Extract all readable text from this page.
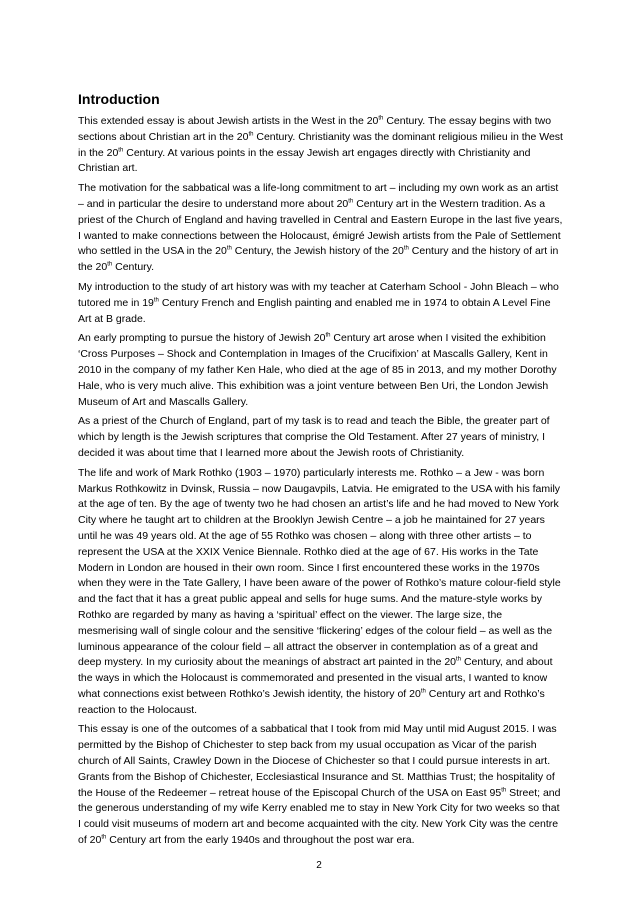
Introduction

This extended essay is about Jewish artists in the West in the 20th Century. The essay begins with two sections about Christian art in the 20th Century. Christianity was the dominant religious milieu in the West in the 20th Century. At various points in the essay Jewish art engages directly with Christianity and Christian art.

The motivation for the sabbatical was a life-long commitment to art – including my own work as an artist – and in particular the desire to understand more about 20th Century art in the Western tradition. As a priest of the Church of England and having travelled in Central and Eastern Europe in the last five years, I wanted to make connections between the Holocaust, émigré Jewish artists from the Pale of Settlement who settled in the USA in the 20th Century, the Jewish history of the 20th Century and the history of art in the 20th Century.

My introduction to the study of art history was with my teacher at Caterham School - John Bleach – who tutored me in 19th Century French and English painting and enabled me in 1974 to obtain A Level Fine Art at B grade.

An early prompting to pursue the history of Jewish 20th Century art arose when I visited the exhibition ‘Cross Purposes – Shock and Contemplation in Images of the Crucifixion’ at Mascalls Gallery, Kent in 2010 in the company of my father Ken Hale, who died at the age of 85 in 2013, and my mother Dorothy Hale, who is very much alive. This exhibition was a joint venture between Ben Uri, the London Jewish Museum of Art and Mascalls Gallery.

As a priest of the Church of England, part of my task is to read and teach the Bible, the greater part of which by length is the Jewish scriptures that comprise the Old Testament. After 27 years of ministry, I decided it was about time that I learned more about the Jewish roots of Christianity.

The life and work of Mark Rothko (1903 – 1970) particularly interests me. Rothko – a Jew - was born Markus Rothkowitz in Dvinsk, Russia – now Daugavpils, Latvia. He emigrated to the USA with his family at the age of ten. By the age of twenty two he had chosen an artist’s life and he had moved to New York City where he taught art to children at the Brooklyn Jewish Centre – a job he maintained for 27 years until he was 49 years old. At the age of 55 Rothko was chosen – along with three other artists – to represent the USA at the XXIX Venice Biennale. Rothko died at the age of 67. His works in the Tate Modern in London are housed in their own room. Since I first encountered these works in the 1970s when they were in the Tate Gallery, I have been aware of the power of Rothko’s mature colour-field style and the fact that it has a great public appeal and sells for huge sums. And the mature-style works by Rothko are regarded by many as having a ‘spiritual’ effect on the viewer. The large size, the mesmerising wall of single colour and the sensitive ‘flickering’ edges of the colour field – as well as the luminous appearance of the colour field – all attract the observer in contemplation as of a great and deep mystery. In my curiosity about the meanings of abstract art painted in the 20th Century, and about the ways in which the Holocaust is commemorated and presented in the visual arts, I wanted to know what connections exist between Rothko’s Jewish identity, the history of 20th Century art and Rothko’s reaction to the Holocaust.

This essay is one of the outcomes of a sabbatical that I took from mid May until mid August 2015. I was permitted by the Bishop of Chichester to step back from my usual occupation as Vicar of the parish church of All Saints, Crawley Down in the Diocese of Chichester so that I could pursue interests in art. Grants from the Bishop of Chichester, Ecclesiastical Insurance and St. Matthias Trust; the hospitality of the House of the Redeemer – retreat house of the Episcopal Church of the USA on East 95th Street; and the generous understanding of my wife Kerry enabled me to stay in New York City for two weeks so that I could visit museums of modern art and become acquainted with the city. New York City was the centre of 20th Century art from the early 1940s and throughout the post war era.

2
